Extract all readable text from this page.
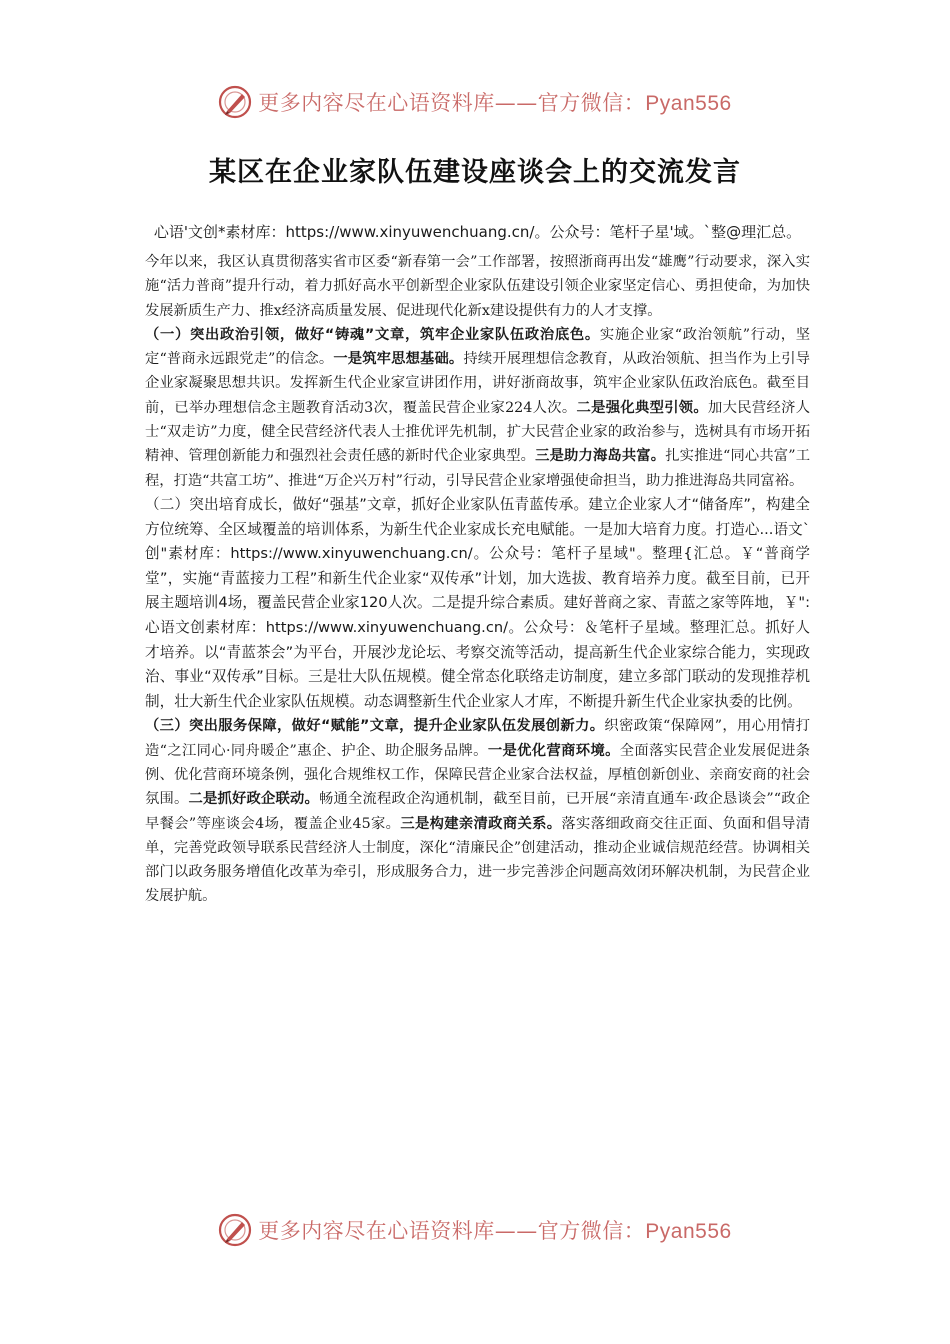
更多内容尽在心语资料库——官方微信：Pyan556
某区在企业家队伍建设座谈会上的交流发言

心语'文创*素材库：https://www.xinyuwenchuang.cn/。公众号：笔杆子星'域。`整@理汇总。

今年以来，我区认真贯彻落实省市区委“新春第一会”工作部署，按照浙商再出发“雄鹰”行动要求，深入实施“活力普商”提升行动，着力抓好高水平创新型企业家队伍建设引领企业家坚定信心、勇担使命，为加快发展新质生产力、推x经济高质量发展、促进现代化新x建设提供有力的人才支撑。

（一）突出政治引领，做好“铸魂”文章，筑牢企业家队伍政治底色。实施企业家“政治领航”行动，坚定“普商永远跟党走”的信念。一是筑牢思想基础。持续开展理想信念教育，从政治领航、担当作为上引导企业家凝聚思想共识。发挥新生代企业家宣讲团作用，讲好浙商故事，筑牢企业家队伍政治底色。截至目前，已举办理想信念主题教育活动3次，覆盖民营企业家224人次。二是强化典型引领。加大民营经济人士“双走访”力度，健全民营经济代表人士推优评先机制，扩大民营企业家的政治参与，选树具有市场开拓精神、管理创新能力和强烈社会责任感的新时代企业家典型。三是助力海岛共富。扎实推进“同心共富”工程，打造“共富工坊”、推进“万企兴万村”行动，引导民营企业家增强使命担当，助力推进海岛共同富裕。

（二）突出培育成长，做好“强基”文章，抓好企业家队伍青蓝传承。建立企业家人才“储备库”，构建全方位统筹、全区域覆盖的培训体系，为新生代企业家成长充电赋能。一是加大培育力度。打造心...语文`创"素材库：https://www.xinyuwenchuang.cn/。公众号：笔杆子星域"。整理{汇总。￥“普商学堂”，实施“青蓝接力工程”和新生代企业家“双传承”计划，加大选拔、教育培养力度。截至目前，已开展主题培训4场，覆盖民营企业家120人次。二是提升综合素质。建好普商之家、青蓝之家等阵地，￥":心语文创素材库：https://www.xinyuwenchuang.cn/。公众号：＆笔杆子星域。整理汇总。抓好人才培养。以“青蓝茶会”为平台，开展沙龙论坛、考察交流等活动，提高新生代企业家综合能力，实现政治、事业“双传承”目标。三是壮大队伍规模。健全常态化联络走访制度，建立多部门联动的发现推荐机制，壮大新生代企业家队伍规模。动态调整新生代企业家人才库，不断提升新生代企业家执委的比例。

（三）突出服务保障，做好“赋能”文章，提升企业家队伍发展创新力。织密政策“保障网”，用心用情打造“之江同心·同舟暖企”惠企、护企、助企服务品牌。一是优化营商环境。全面落实民营企业发展促进条例、优化营商环境条例，强化合规维权工作，保障民营企业家合法权益，厚植创新创业、亲商安商的社会氛围。二是抓好政企联动。畅通全流程政企沟通机制，截至目前，已开展“亲清直通车·政企恳谈会”“政企早餐会”等座谈会4场，覆盖企业45家。三是构建亲清政商关系。落实落细政商交往正面、负面和倡导清单，完善党政领导联系民营经济人士制度，深化“清廉民企”创建活动，推动企业诚信规范经营。协调相关部门以政务服务增值化改革为牵引，形成服务合力，进一步完善涉企问题高效闭环解决机制，为民营企业发展护航。

更多内容尽在心语资料库——官方微信：Pyan556
